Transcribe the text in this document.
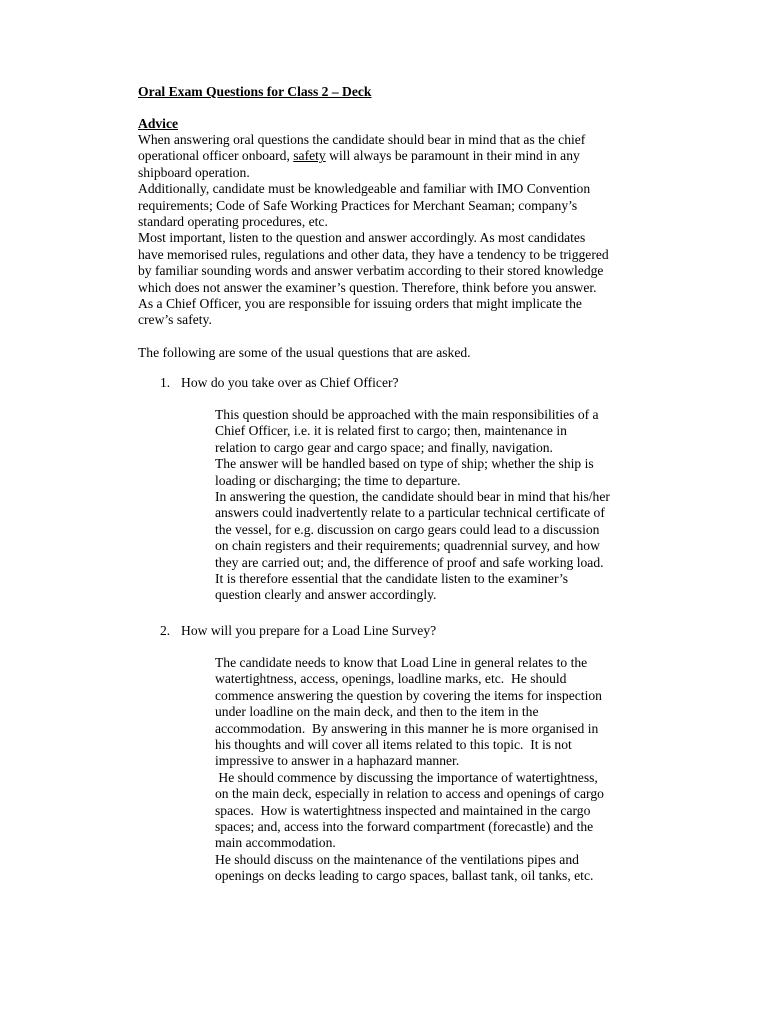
Oral Exam Questions for Class 2 – Deck
Advice
When answering oral questions the candidate should bear in mind that as the chief
operational officer onboard, safety will always be paramount in their mind in any
shipboard operation.
Additionally, candidate must be knowledgeable and familiar with IMO Convention
requirements; Code of Safe Working Practices for Merchant Seaman; company’s
standard operating procedures, etc.
Most important, listen to the question and answer accordingly. As most candidates
have memorised rules, regulations and other data, they have a tendency to be triggered
by familiar sounding words and answer verbatim according to their stored knowledge
which does not answer the examiner’s question. Therefore, think before you answer.
As a Chief Officer, you are responsible for issuing orders that might implicate the
crew’s safety.
The following are some of the usual questions that are asked.
1. How do you take over as Chief Officer?
This question should be approached with the main responsibilities of a
Chief Officer, i.e. it is related first to cargo; then, maintenance in
relation to cargo gear and cargo space; and finally, navigation.
The answer will be handled based on type of ship; whether the ship is
loading or discharging; the time to departure.
In answering the question, the candidate should bear in mind that his/her
answers could inadvertently relate to a particular technical certificate of
the vessel, for e.g. discussion on cargo gears could lead to a discussion
on chain registers and their requirements; quadrennial survey, and how
they are carried out; and, the difference of proof and safe working load.
It is therefore essential that the candidate listen to the examiner’s
question clearly and answer accordingly.
2. How will you prepare for a Load Line Survey?
The candidate needs to know that Load Line in general relates to the
watertightness, access, openings, loadline marks, etc.  He should
commence answering the question by covering the items for inspection
under loadline on the main deck, and then to the item in the
accommodation.  By answering in this manner he is more organised in
his thoughts and will cover all items related to this topic.  It is not
impressive to answer in a haphazard manner.
He should commence by discussing the importance of watertightness,
on the main deck, especially in relation to access and openings of cargo
spaces.  How is watertightness inspected and maintained in the cargo
spaces; and, access into the forward compartment (forecastle) and the
main accommodation.
He should discuss on the maintenance of the ventilations pipes and
openings on decks leading to cargo spaces, ballast tank, oil tanks, etc.
